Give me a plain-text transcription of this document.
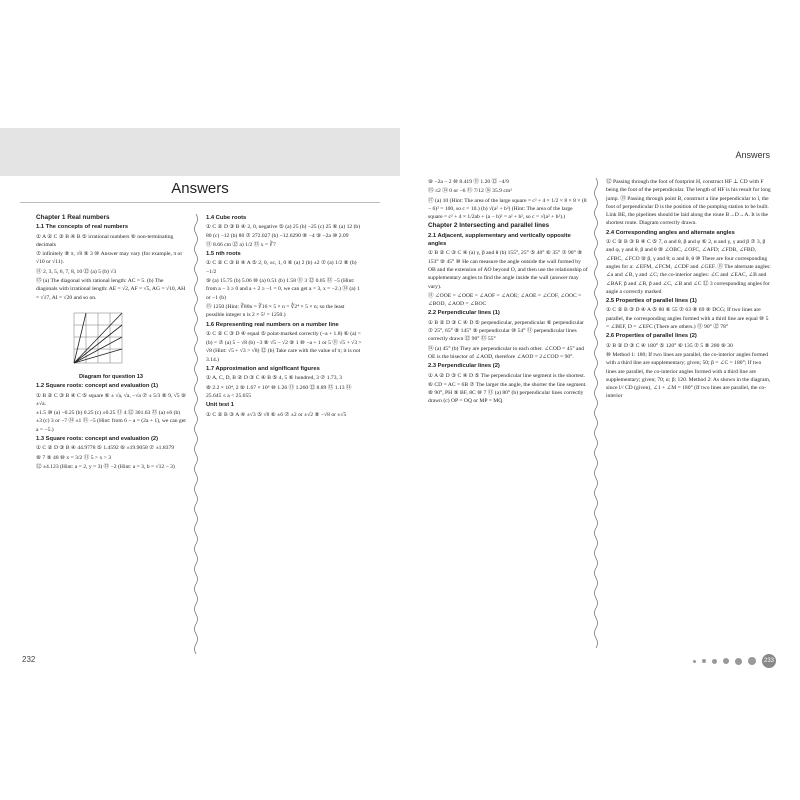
Answers

Chapter 1 Real numbers

1.1 The concepts of real numbers

① A ② C ③ B ④ B ⑤ irrational numbers ⑥ non-terminating decimals

⑦ infinitely ⑧ π, √8 ⑨ 3 ⑩ Answer may vary (for example, π or √10 or √11).

⑪ 2, 3, 5, 6, 7, 8, 10 ⑫ (a) 5 (b) √3

⑬ (a) The diagonal with rational length: AC = 5. (b) The diagonals with irrational length: AE = √2, AF = √5, AG = √10, AH = √17, AI = √20 and so on.

Diagram for question 13

1.2 Square roots: concept and evaluation (1)

① B ② C ③ B ④ C ⑤ square ⑥ ± √a, √a, −√a ⑦ ± 5/3 ⑧ 9, √5 ⑨ ±√a.

±1.5 ⑩ (a) −0.25 (b) 0.25 (c) ±0.25 ⑪ 4 ⑫ 301.63 ⑬ (a) ±6 (b) ±3 (c) 3 or −7 ⑭ ±1 ⑮ −5 (Hint: from 6 − a = (2a + 1), we can get a = −5.)

1.3 Square roots: concept and evaluation (2)

① C ② D ③ B ④ 44.9778 ⑤ 1.4592 ⑥ ±19.9058 ⑦ ±1.8379

⑧ 7 ⑨ 48 ⑩ x = 3/2 ⑪ 5 > x > 3

⑫ ±4.123 (Hint: a = 2, y = 3) ⑬ −2 (Hint: a = 3, b = √12 − 3)

1.4 Cube roots

① C ② D ③ B ④ 2, 0, negative ⑤ (a) 25 (b) −25 (c) 25 ⑥ (a) 12 (b) 80 (c) −12 (b) 80 ⑦ 272.027 (b) −12.6290 ⑧ −4 ⑨ −2a ⑩ 2.09

⑪ 8.66 cm ⑫ a) 1/2 ⑬ x = ∛7

1.5 nth roots

① C ② C ③ B ④ A ⑤ 2, 0, ±c, 1, 0 ⑥ (a) 2 (b) ±2 ⑦ (a) 1/2 ⑧ (b) −1/2

⑨ (a) 15.75 (b) 5.06 ⑩ (a) 0.51 (b) 1.58 ⑪ 3 ⑫ 0.05 ⑬ −5 (Hint: from a − 3 ≥ 0 and a + 2 ≥ −1 = 0, we can get a = 3, x = −2.) ⑭ (a) 1 or −1 (b)

⑮ 1250 (Hint: ∛80n = ∛16 × 5 × n = ∛2⁴ × 5 × n; so the least possible integer n is 2 × 5² = 1250.)

1.6 Representing real numbers on a number line

① C ② C ③ D ④ equal ⑤ point-marked correctly (−a + 1.8) ⑥ (a) <

(b) = ⑦ (a) 5 − √8 (b) −3 ⑧ √5 − √2 ⑨ 1 ⑩ −a + 1 or 5 ⑪ √5 + √3 > √8 (Hint: √5 + √3 > √8) ⑫ (b) Take care with the value of π; it is not 3.14.)

1.7 Approximation and significant figures

① A, C, D, B ② D ③ C ④ B ⑤ 4, 5 ⑥ hundred, 3 ⑦ 1.73, 3

⑧ 2.2 × 10⁴, 2 ⑨ 1.67 × 10⁵ ⑩ 1.26 ⑪ 1.260 ⑫ 8.89 ⑬ 1.13 ⑭ 25.645 ≤ a < 25.655

Unit test 1

① C ② B ③ A ④ ±√3 ⑤ √8 ⑥ ±6 ⑦ ±2 or ±√2 ⑧ −√8 or ±√5

232
Answers

⑨ −2a − 2 ⑩ 8.419 ⑪ 1.20 ⑫ −4/9

⑬ ≤2 ⑭ 0 or −6 ⑮ 7/12 ⑯ 35.9 cm²

⑰ (a) 10 (Hint: The area of the large square = c² + 4 × 1/2 × 8 × 8 × (8 − 6)² = 100, so c = 10.) (b) √(a² + b²) (Hint: The area of the large square = c² + 4 × 1/2ab + (a − b)² = a² + b², so c = √(a² + b²).)

Chapter 2 Intersecting and parallel lines

2.1 Adjacent, supplementary and vertically opposite angles

① B ② C ③ C ④ (a) γ, β and θ (b) 155°, 25° ⑤ 40° ⑥ 35° ⑦ 90° ⑧ 153° ⑨ 45° ⑩ He can measure the angle outside the wall formed by OB and the extension of AO beyond O, and then use the relationship of supplementary angles to find the angle inside the wall (answer may vary).

⑪ ∠OOE = ∠OOE = ∠AOF = ∠AOE; ∠AOE = ∠COF, ∠OOC = ∠BOD, ∠AOD = ∠BOC

2.2 Perpendicular lines (1)

① B ② D ③ C ④ D ⑤ perpendicular, perpendicular ⑥ perpendicular ⑦ 25°, 65° ⑧ 145° ⑨ perpendicular ⑩ 54° ⑪ perpendicular lines correctly drawn ⑫ 90° ⑬ 55°

⑭ (a) 45° (b) They are perpendicular to each other. ∠COD = 45° and OE is the bisector of ∠AOD, therefore ∠AOD = 2∠COD = 90°.

2.3 Perpendicular lines (2)

① A ② D ③ C ④ D ⑤ The perpendicular line segment is the shortest.

⑥ CD = AC = 6B ⑦ The larger the angle, the shorter the line segment. ⑧ 90°, PH ⑨ BF, 8C ⑩ 7 ⑪ (a) 80° (b) perpendicular lines correctly drawn (c) OP = OQ or MP = MQ

⑫ Passing through the foot of footprint H, construct HF ⊥ CD with F being the foot of the perpendicular. The length of HF is his result for long jump. ⑬ Passing through point B, construct a line perpendicular to l, the foot of perpendicular D is the position of the pumping station to be built. Link BE, the pipelines should be laid along the route B→D→A. It is the shortest route. Diagram correctly drawn.

2.4 Corresponding angles and alternate angles

① C ② B ③ B ④ C ⑤ 7, α and θ, β and φ ⑥ 2, α and γ, γ and β ⑦ 3, β and φ, γ and θ, β and θ ⑧ ∠OBC, ∠OFC, ∠AFD; ∠FDB, ∠FBD, ∠FBC, ∠FCO ⑨ β, γ and θ; α and θ, θ ⑩ There are four corresponding angles for a: ∠EFM, ∠FCM, ∠CDF and ∠GEF. ⑪ The alternate angles: ∠a and ∠B, γ and ∠C; the co-interior angles: ∠C and ∠EAC, ∠B and ∠BAF, β and ∠B, β and ∠C, ∠B and ∠C ⑫ 3 corresponding angles for angle a correctly marked

2.5 Properties of parallel lines (1)

① C ② B ③ D ④ A ⑤ 80 ⑥ 55 ⑦ 63 ⑧ 69 ⑨ DCG; If two lines are parallel, the corresponding angles formed with a third line are equal ⑩ 5 = ∠BEF, D = ∠EFC (There are others.) ⑪ 90° ⑫ 78°

2.6 Properties of parallel lines (2)

① B ② D ③ C ④ 180° ⑤ 120° ⑥ 135 ⑦ 5 ⑧ 280 ⑨ 30

⑩ Method 1: 180; If two lines are parallel, the co-interior angles formed with a third line are supplementary; given; 50; β = ∠C = 180°; If two lines are parallel, the co-interior angles formed with a third line are supplementary; given; 70; α; β; 120. Method 2: As shown in the diagram, since l// CD (given), ∠1 + ∠M = 180° (If two lines are parallel, the co-interior

233
